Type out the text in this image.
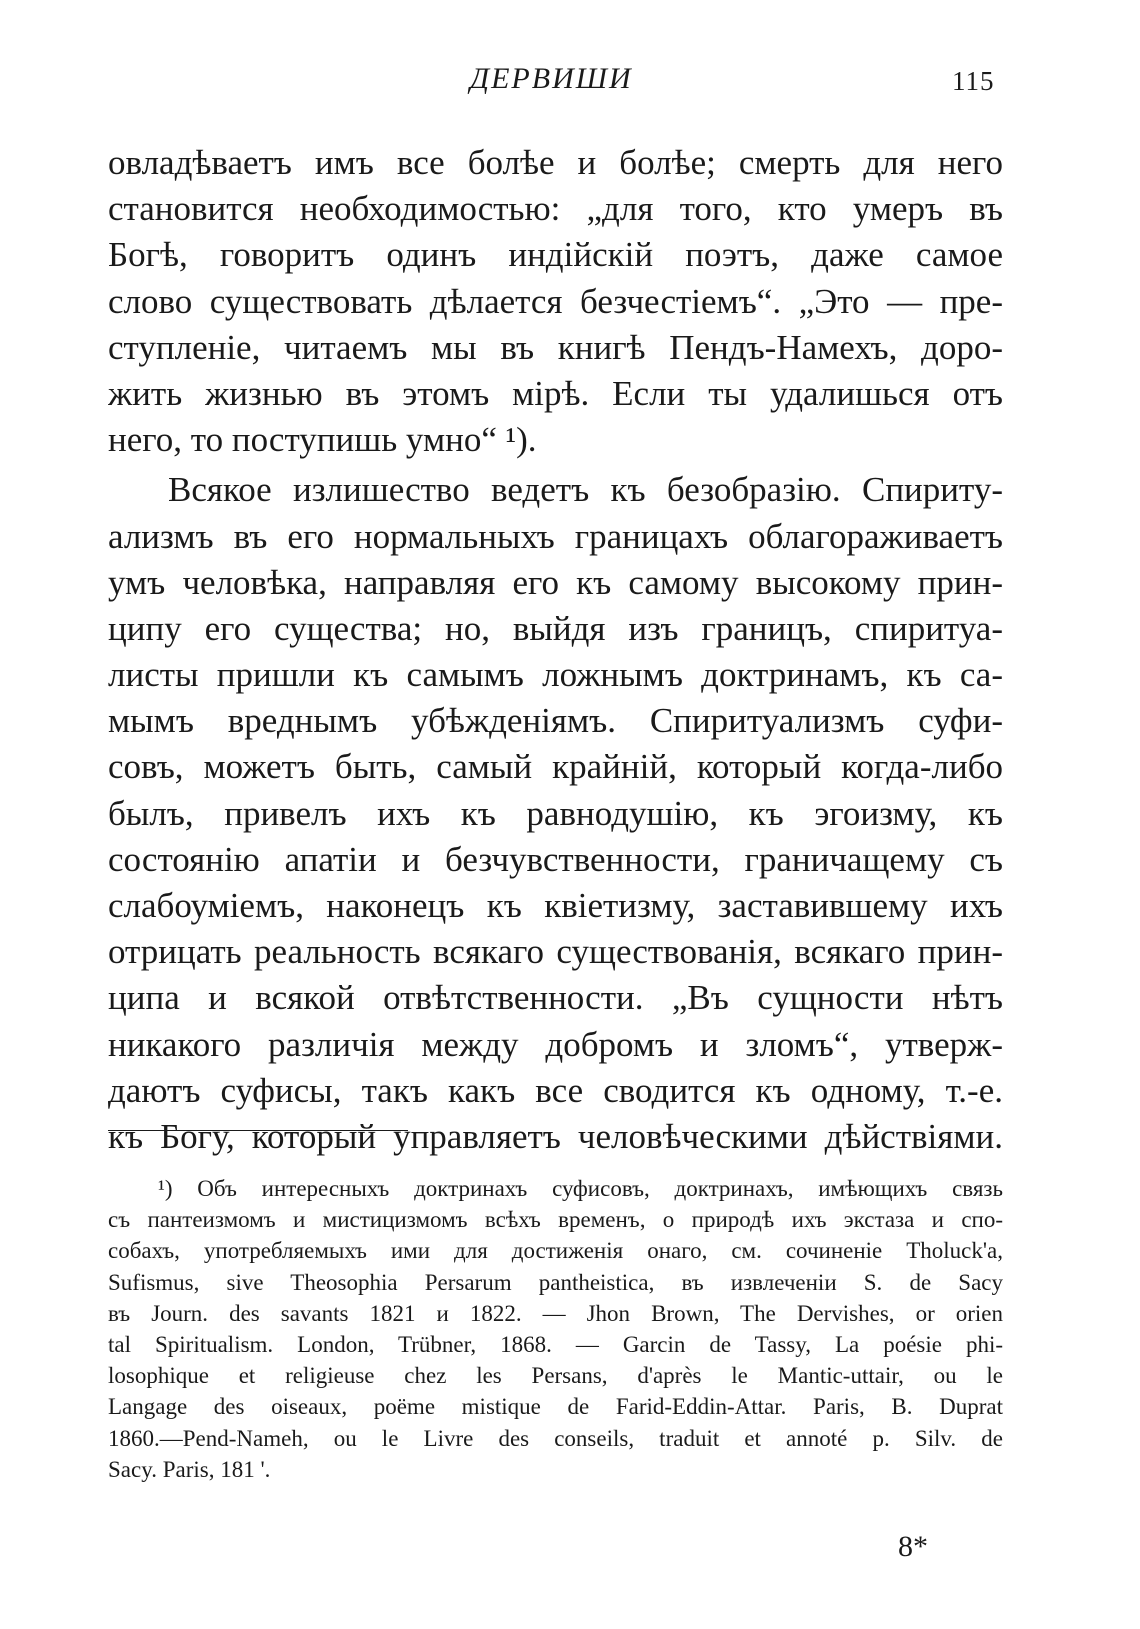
ДЕРВИШИ	115
овладѣваетъ имъ все болѣе и болѣе; смерть для него
становится необходимостью: „для того, кто умеръ въ
Богѣ, говоритъ одинъ индійскій поэтъ, даже самое
слово существовать дѣлается безчестіемъ“. „Это — пре-
ступленіе, читаемъ мы въ книгѣ Пендъ-Намехъ, доро-
жить жизнью въ этомъ мірѣ. Если ты удалишься отъ
него, то поступишь умно“ ¹).
Всякое излишество ведетъ къ безобразію. Спириту-
ализмъ въ его нормальныхъ границахъ облагораживаетъ
умъ человѣка, направляя его къ самому высокому прин-
ципу его существа; но, выйдя изъ границъ, спиритуа-
листы пришли къ самымъ ложнымъ доктринамъ, къ са-
мымъ вреднымъ убѣжденіямъ. Спиритуализмъ суфи-
совъ, можетъ быть, самый крайній, который когда-либо
былъ, привелъ ихъ къ равнодушію, къ эгоизму, къ
состоянію апатіи и безчувственности, граничащему съ
слабоуміемъ, наконецъ къ квіетизму, заставившему ихъ
отрицать реальность всякаго существованія, всякаго прин-
ципа и всякой отвѣтственности. „Въ сущности нѣтъ
никакого различія между добромъ и зломъ“, утверж-
даютъ суфисы, такъ какъ все сводится къ одному, т.-е.
къ Богу, который управляетъ человѣческими дѣйствіями.
¹) Объ интересныхъ доктринахъ суфисовъ, доктринахъ, имѣющихъ связь
съ пантеизмомъ и мистицизмомъ всѣхъ временъ, о природѣ ихъ экстаза и спо-
собахъ, употребляемыхъ ими для достиженія онаго, см. сочиненіе Tholuck'a,
Sufismus, sive Theosophia Persarum pantheistica, въ извлеченіи S. de Sacy
въ Journ. des savants 1821 и 1822. — Jhon Brown, The Dervishes, or orien
tal Spiritualism. London, Trübner, 1868. — Garcin de Tassy, La poésie phi-
losophique et religieuse chez les Persans, d'après le Mantic-uttair, ou le
Langage des oiseaux, poëme mistique de Farid-Eddin-Attar. Paris, B. Duprat
1860.—Pend-Nameh, ou le Livre des conseils, traduit et annoté p. Silv. de
Sacy. Paris, 181 '.
8*
